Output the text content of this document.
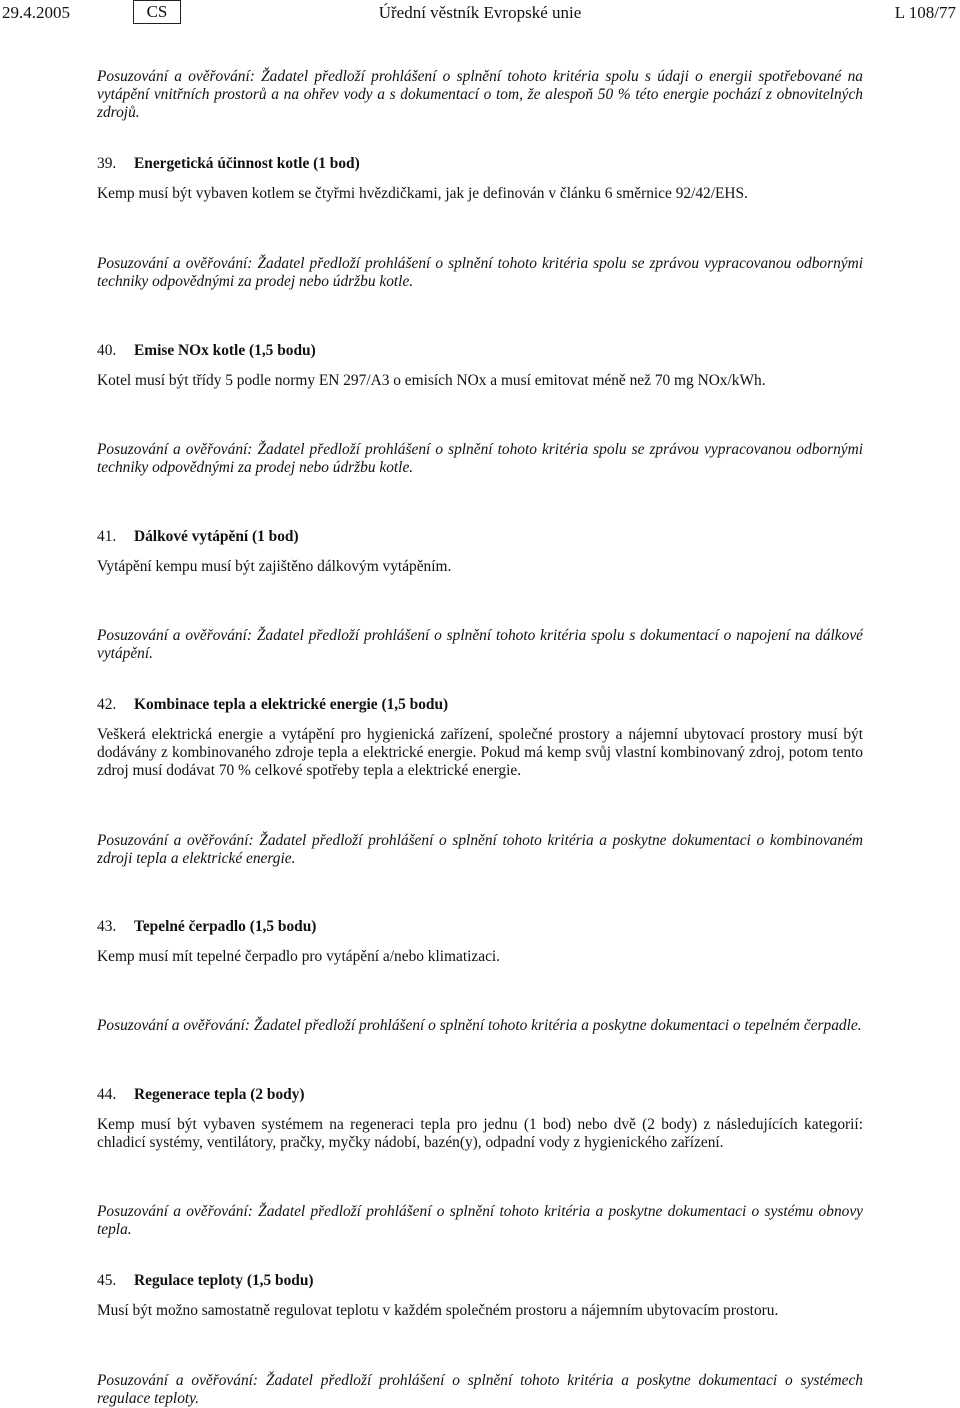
29.4.2005	CS	Úřední věstník Evropské unie	L 108/77

Posuzování a ověřování: Žadatel předloží prohlášení o splnění tohoto kritéria spolu s údaji o energii spotřebované na vytápění vnitřních prostorů a na ohřev vody a s dokumentací o tom, že alespoň 50 % této energie pochází z obnovitelných zdrojů.

39. Energetická účinnost kotle (1 bod)

Kemp musí být vybaven kotlem se čtyřmi hvězdičkami, jak je definován v článku 6 směrnice 92/42/EHS.

Posuzování a ověřování: Žadatel předloží prohlášení o splnění tohoto kritéria spolu se zprávou vypracovanou odbornými techniky odpovědnými za prodej nebo údržbu kotle.

40. Emise NOx kotle (1,5 bodu)

Kotel musí být třídy 5 podle normy EN 297/A3 o emisích NOx a musí emitovat méně než 70 mg NOx/kWh.

Posuzování a ověřování: Žadatel předloží prohlášení o splnění tohoto kritéria spolu se zprávou vypracovanou odbornými techniky odpovědnými za prodej nebo údržbu kotle.

41. Dálkové vytápění (1 bod)

Vytápění kempu musí být zajištěno dálkovým vytápěním.

Posuzování a ověřování: Žadatel předloží prohlášení o splnění tohoto kritéria spolu s dokumentací o napojení na dálkové vytápění.

42. Kombinace tepla a elektrické energie (1,5 bodu)

Veškerá elektrická energie a vytápění pro hygienická zařízení, společné prostory a nájemní ubytovací prostory musí být dodávány z kombinovaného zdroje tepla a elektrické energie. Pokud má kemp svůj vlastní kombinovaný zdroj, potom tento zdroj musí dodávat 70 % celkové spotřeby tepla a elektrické energie.

Posuzování a ověřování: Žadatel předloží prohlášení o splnění tohoto kritéria a poskytne dokumentaci o kombinovaném zdroji tepla a elektrické energie.

43. Tepelné čerpadlo (1,5 bodu)

Kemp musí mít tepelné čerpadlo pro vytápění a/nebo klimatizaci.

Posuzování a ověřování: Žadatel předloží prohlášení o splnění tohoto kritéria a poskytne dokumentaci o tepelném čerpadle.

44. Regenerace tepla (2 body)

Kemp musí být vybaven systémem na regeneraci tepla pro jednu (1 bod) nebo dvě (2 body) z následujících kategorií: chladicí systémy, ventilátory, pračky, myčky nádobí, bazén(y), odpadní vody z hygienického zařízení.

Posuzování a ověřování: Žadatel předloží prohlášení o splnění tohoto kritéria a poskytne dokumentaci o systému obnovy tepla.

45. Regulace teploty (1,5 bodu)

Musí být možno samostatně regulovat teplotu v každém společném prostoru a nájemním ubytovacím prostoru.

Posuzování a ověřování: Žadatel předloží prohlášení o splnění tohoto kritéria a poskytne dokumentaci o systémech regulace teploty.
